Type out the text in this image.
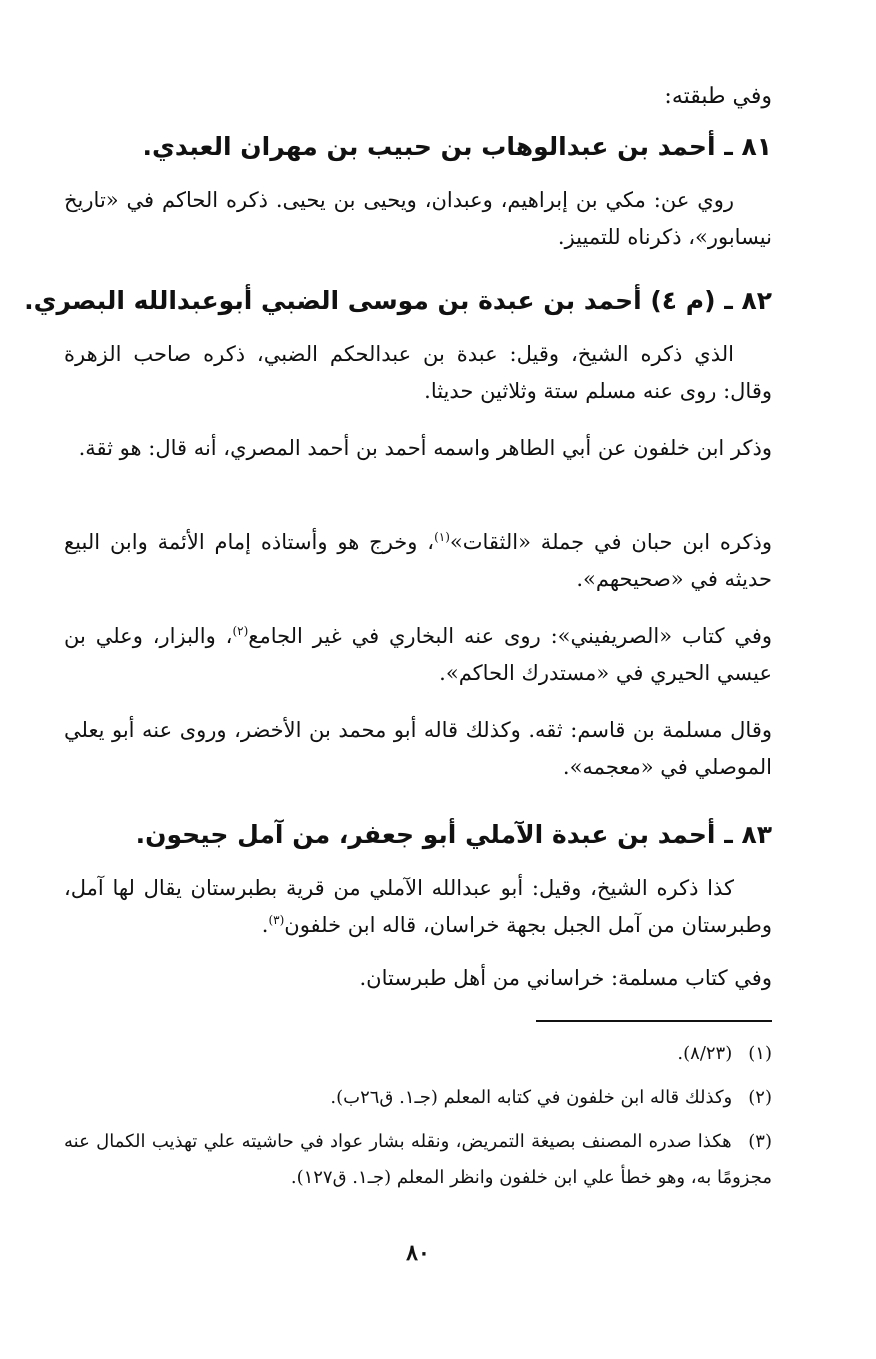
وفي طبقته:

٨١ ـ أحمد بن عبدالوهاب بن حبيب بن مهران العبدي.

روي عن: مكي بن إبراهيم، وعبدان، ويحيى بن يحيى. ذكره الحاكم في «تاريخ نيسابور»، ذكرناه للتمييز.

٨٢ ـ (م ٤) أحمد بن عبدة بن موسى الضبي أبوعبدالله البصري.

الذي ذكره الشيخ، وقيل: عبدة بن عبدالحكم الضبي، ذكره صاحب الزهرة وقال: روى عنه مسلم ستة وثلاثين حديثا.

وذكر ابن خلفون عن أبي الطاهر واسمه أحمد بن أحمد المصري، أنه قال: هو ثقة.

وذكره ابن حبان في جملة «الثقات»$^{(١)}$، وخرج هو وأستاذه إمام الأئمة وابن البيع حديثه في «صحيحهم».

وفي كتاب «الصريفيني»: روى عنه البخاري في غير الجامع$^{(٢)}$، والبزار، وعلي بن عيسي الحيري في «مستدرك الحاكم».

وقال مسلمة بن قاسم: ثقه. وكذلك قاله أبو محمد بن الأخضر، وروى عنه أبو يعلي الموصلي في «معجمه».

٨٣ ـ أحمد بن عبدة الآملي أبو جعفر، من آمل جيحون.

كذا ذكره الشيخ، وقيل: أبو عبدالله الآملي من قرية بطبرستان يقال لها آمل، وطبرستان من آمل الجبل بجهة خراسان، قاله ابن خلفون$^{(٣)}$.

وفي كتاب مسلمة: خراساني من أهل طبرستان.

(١) (٨/٢٣).

(٢) وكذلك قاله ابن خلفون في كتابه المعلم (جـ١. ق٢٦ب).

(٣) هكذا صدره المصنف بصيغة التمريض، ونقله بشار عواد في حاشيته علي تهذيب الكمال عنه مجزومًا به، وهو خطأ علي ابن خلفون وانظر المعلم (جـ١. ق١٢٧).

٨٠
